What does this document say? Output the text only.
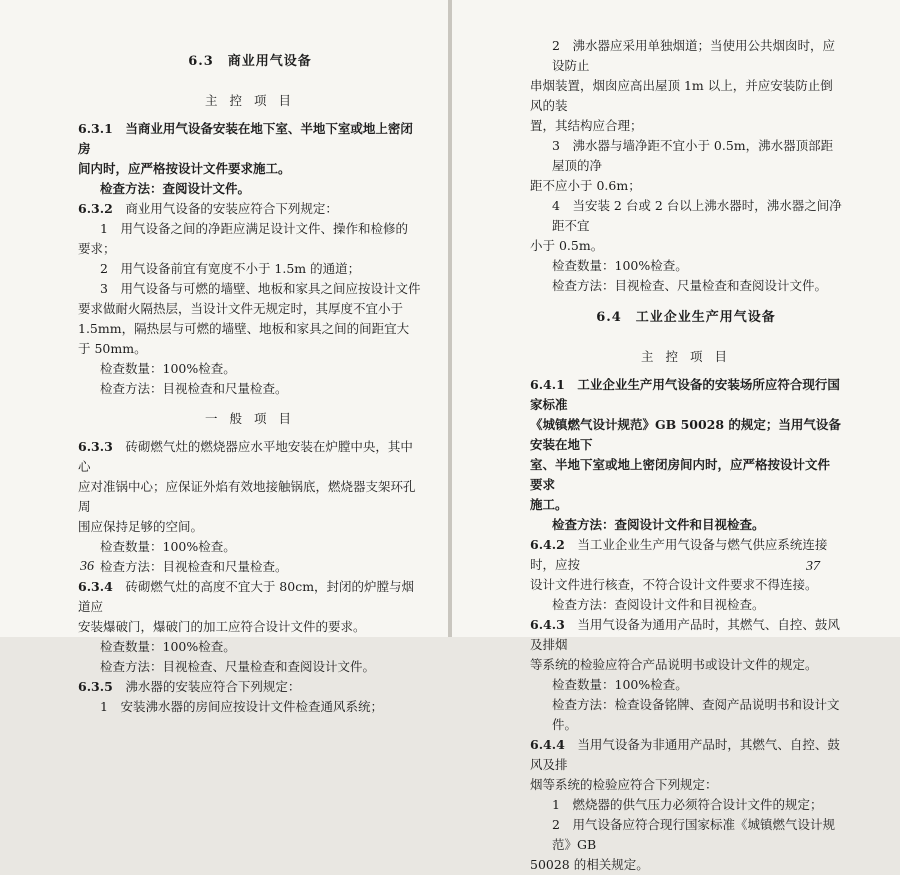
6.3　商业用气设备

主 控 项 目

6.3.1　 当商业用气设备安装在地下室、半地下室或地上密闭房

间内时，应严格按设计文件要求施工。

检查方法：查阅设计文件。

6.3.2　 商业用气设备的安装应符合下列规定：

1　用气设备之间的净距应满足设计文件、操作和检修的

要求；

2　用气设备前宜有宽度不小于 1.5m 的通道；

3　用气设备与可燃的墙壁、地板和家具之间应按设计文件

要求做耐火隔热层，当设计文件无规定时，其厚度不宜小于

1.5mm，隔热层与可燃的墙壁、地板和家具之间的间距宜大

于 50mm。

检查数量：100%检查。

检查方法：目视检查和尺量检查。

一 般 项 目

6.3.3　 砖砌燃气灶的燃烧器应水平地安装在炉膛中央，其中心

应对准锅中心；应保证外焰有效地接触锅底，燃烧器支架环孔周

围应保持足够的空间。

检查数量：100%检查。

检查方法：目视检查和尺量检查。

6.3.4　 砖砌燃气灶的高度不宜大于 80cm，封闭的炉膛与烟道应

安装爆破门，爆破门的加工应符合设计文件的要求。

检查数量：100%检查。

检查方法：目视检查、尺量检查和查阅设计文件。

6.3.5　 沸水器的安装应符合下列规定：

1　安装沸水器的房间应按设计文件检查通风系统；

36

2　沸水器应采用单独烟道；当使用公共烟囱时，应设防止

串烟装置，烟囱应高出屋顶 1m 以上，并应安装防止倒风的装

置，其结构应合理；

3　沸水器与墙净距不宜小于 0.5m，沸水器顶部距屋顶的净

距不应小于 0.6m；

4　当安装 2 台或 2 台以上沸水器时，沸水器之间净距不宜

小于 0.5m。

检查数量：100%检查。

检查方法：目视检查、尺量检查和查阅设计文件。

6.4　工业企业生产用气设备

主 控 项 目

6.4.1　 工业企业生产用气设备的安装场所应符合现行国家标准

《城镇燃气设计规范》GB 50028 的规定；当用气设备安装在地下

室、半地下室或地上密闭房间内时，应严格按设计文件要求

施工。

检查方法：查阅设计文件和目视检查。

6.4.2　 当工业企业生产用气设备与燃气供应系统连接时，应按

设计文件进行核查，不符合设计文件要求不得连接。

检查方法：查阅设计文件和目视检查。

6.4.3　 当用气设备为通用产品时，其燃气、自控、鼓风及排烟

等系统的检验应符合产品说明书或设计文件的规定。

检查数量：100%检查。

检查方法：检查设备铭牌、查阅产品说明书和设计文件。

6.4.4　 当用气设备为非通用产品时，其燃气、自控、鼓风及排

烟等系统的检验应符合下列规定：

1　燃烧器的供气压力必须符合设计文件的规定；

2　用气设备应符合现行国家标准《城镇燃气设计规范》GB

50028 的相关规定。

37
